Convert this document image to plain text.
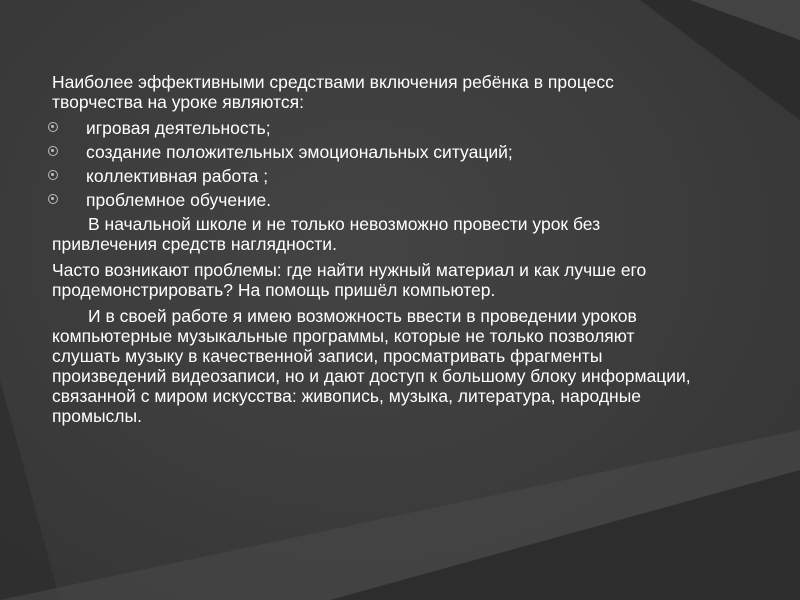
Наиболее эффективными средствами включения ребёнка в процесс творчества на уроке являются:

игровая деятельность;
создание положительных эмоциональных ситуаций;
коллективная работа ;
проблемное обучение.

В начальной школе и не только невозможно провести урок без привлечения средств наглядности.

Часто возникают проблемы: где найти нужный материал и как лучше его продемонстрировать? На помощь пришёл компьютер.

И в своей работе я имею возможность ввести в проведении уроков компьютерные музыкальные программы, которые не только позволяют слушать музыку в качественной записи, просматривать фрагменты произведений видеозаписи, но и дают доступ к большому блоку информации, связанной с миром искусства: живопись, музыка, литература, народные промыслы.
